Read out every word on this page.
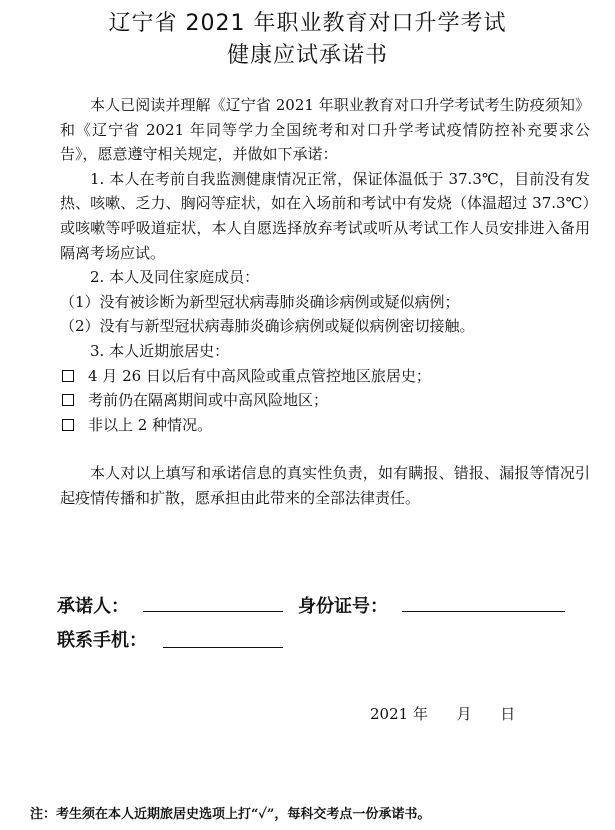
辽宁省 2021 年职业教育对口升学考试
健康应试承诺书

本人已阅读并理解《辽宁省 2021 年职业教育对口升学考试考生防疫须知》和《辽宁省 2021 年同等学力全国统考和对口升学考试疫情防控补充要求公告》，愿意遵守相关规定，并做如下承诺：

1. 本人在考前自我监测健康情况正常，保证体温低于 37.3℃，目前没有发热、咳嗽、乏力、胸闷等症状，如在入场前和考试中有发烧（体温超过 37.3℃）或咳嗽等呼吸道症状，本人自愿选择放弃考试或听从考试工作人员安排进入备用隔离考场应试。

2. 本人及同住家庭成员：

（1）没有被诊断为新型冠状病毒肺炎确诊病例或疑似病例；

（2）没有与新型冠状病毒肺炎确诊病例或疑似病例密切接触。

3. 本人近期旅居史：

4 月 26 日以后有中高风险或重点管控地区旅居史；
考前仍在隔离期间或中高风险地区；
非以上 2 种情况。

本人对以上填写和承诺信息的真实性负责，如有瞒报、错报、漏报等情况引起疫情传播和扩散，愿承担由此带来的全部法律责任。

承诺人：	身份证号：
联系手机：
2021 年 月 日
注：考生须在本人近期旅居史选项上打“✓”，每科交考点一份承诺书。
